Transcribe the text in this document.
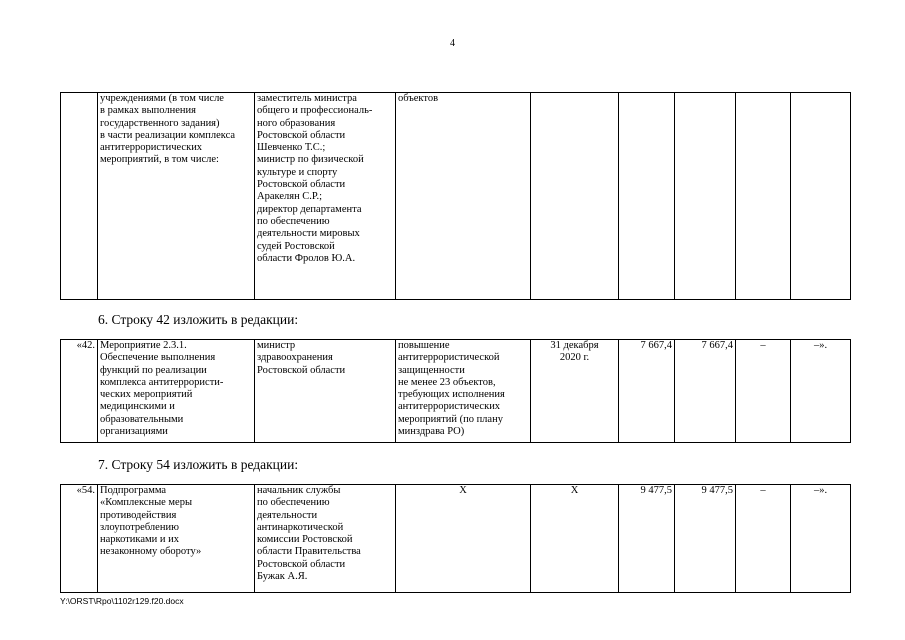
4
	учреждениями (в том числе
в рамках выполнения
государственного задания)
в части реализации комплекса
антитеррористических
мероприятий, в том числе:	заместитель министра
общего и профессиональ-
ного образования
Ростовской области
Шевченко Т.С.;
министр по физической
культуре и спорту
Ростовской области
Аракелян С.Р.;
директор департамента
по обеспечению
деятельности мировых
судей Ростовской
области Фролов Ю.А.	объектов					
6. Строку 42 изложить в редакции:
«42.	Мероприятие 2.3.1.
Обеспечение выполнения
функций по реализации
комплекса антитеррористи-
ческих мероприятий
медицинскими и
образовательными
организациями	министр
здравоохранения
Ростовской области	повышение
антитеррористической
защищенности
не менее 23 объектов,
требующих исполнения
антитеррористических
мероприятий (по плану
минздрава РО)	31 декабря
2020 г.	7 667,4	7 667,4	–	–».
7. Строку 54 изложить в редакции:
«54.	Подпрограмма
«Комплексные меры
противодействия
злоупотреблению
наркотиками и их
незаконному обороту»	начальник службы
по обеспечению
деятельности
антинаркотической
комиссии Ростовской
области Правительства
Ростовской области
Бужак А.Я.	X	X	9 477,5	9 477,5	–	–».
Y:\ORST\Rpo\1102r129.f20.docx
